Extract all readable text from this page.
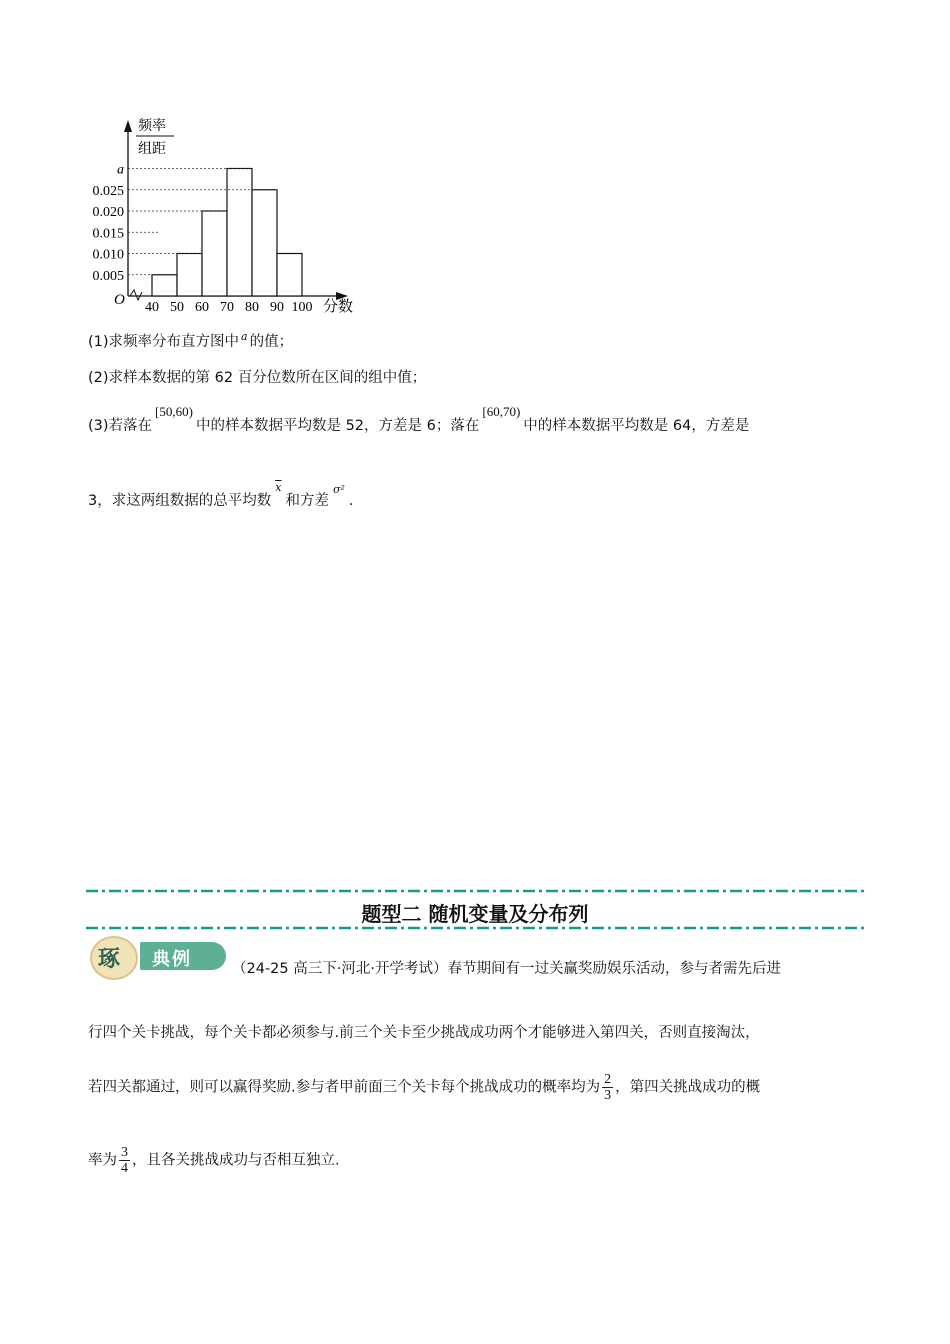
频率
组距
O	分数
0.005
0.010
0.015
0.020
0.025
a
40 50 60 70 80 90 100
(1)求频率分布直方图中 $^a$ 的值；
(2)求样本数据的第 62 百分位数所在区间的组中值；
(3)若落在[50,60)中的样本数据平均数是 52，方差是 6；落在[60,70)中的样本数据平均数是 64，方差是
3，求这两组数据的总平均数$\overline{x}$和方差$^{\sigma^2}$.
题型二 随机变量及分布列
典例
琢	（24-25 高三下·河北·开学考试）春节期间有一过关赢奖励娱乐活动，参与者需先后进
行四个关卡挑战，每个关卡都必须参与.前三个关卡至少挑战成功两个才能够进入第四关，否则直接淘汰，
若四关都通过，则可以赢得奖励.参与者甲前面三个关卡每个挑战成功的概率均为 $\frac{2}{3}$ ，第四关挑战成功的概
率为 $\frac{3}{4}$ ，且各关挑战成功与否相互独立.
